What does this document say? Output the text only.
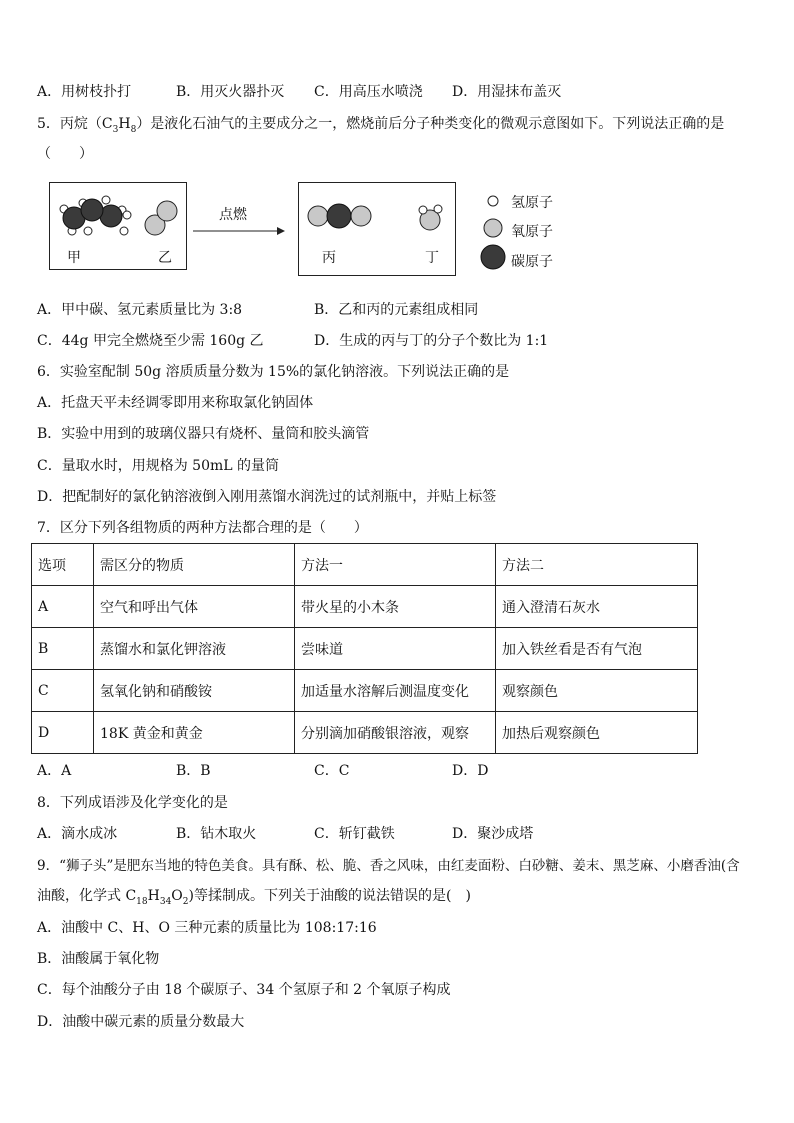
A．用树枝扑打	B．用灭火器扑灭 C．用高压水喷浇 D．用湿抹布盖灭
5．丙烷$(C_3H_8)$是液化石油气的主要成分之一，燃烧前后分子种类变化的微观示意图如下。下列说法正确的是
（　　）
甲	乙
点燃
丙	丁
氢原子
氧原子
碳原子
A．甲中碳、氢元素质量比为 3:8	B．乙和丙的元素组成相同
C．44g 甲完全燃烧至少需 160g 乙	D．生成的丙与丁的分子个数比为 1:1
6．实验室配制 50g 溶质质量分数为 15%的氯化钠溶液。下列说法正确的是
A．托盘天平未经调零即用来称取氯化钠固体
B．实验中用到的玻璃仪器只有烧杯、量筒和胶头滴管
C．量取水时，用规格为 50mL 的量筒
D．把配制好的氯化钠溶液倒入刚用蒸馏水润洗过的试剂瓶中，并贴上标签
7．区分下列各组物质的两种方法都合理的是（　　）
选项	需区分的物质	方法一	方法二
A	空气和呼出气体	带火星的小木条	通入澄清石灰水
B	蒸馏水和氯化钾溶液	尝味道	加入铁丝看是否有气泡
C	氢氧化钠和硝酸铵	加适量水溶解后测温度变化	观察颜色
D	18K 黄金和黄金	分别滴加硝酸银溶液，观察	加热后观察颜色
A．A	B．B	C．C	D．D
8．下列成语涉及化学变化的是
A．滴水成冰	B．钻木取火	C．斩钉截铁	D．聚沙成塔
9．“狮子头”是肥东当地的特色美食。具有酥、松、脆、香之风味，由红麦面粉、白砂糖、姜末、黑芝麻、小磨香油(含
油酸，化学式 $C_{18}H_{34}O_2$)等揉制成。下列关于油酸的说法错误的是(　)
A．油酸中 C、H、O 三种元素的质量比为 108:17:16
B．油酸属于氧化物
C．每个油酸分子由 18 个碳原子、34 个氢原子和 2 个氧原子构成
D．油酸中碳元素的质量分数最大
